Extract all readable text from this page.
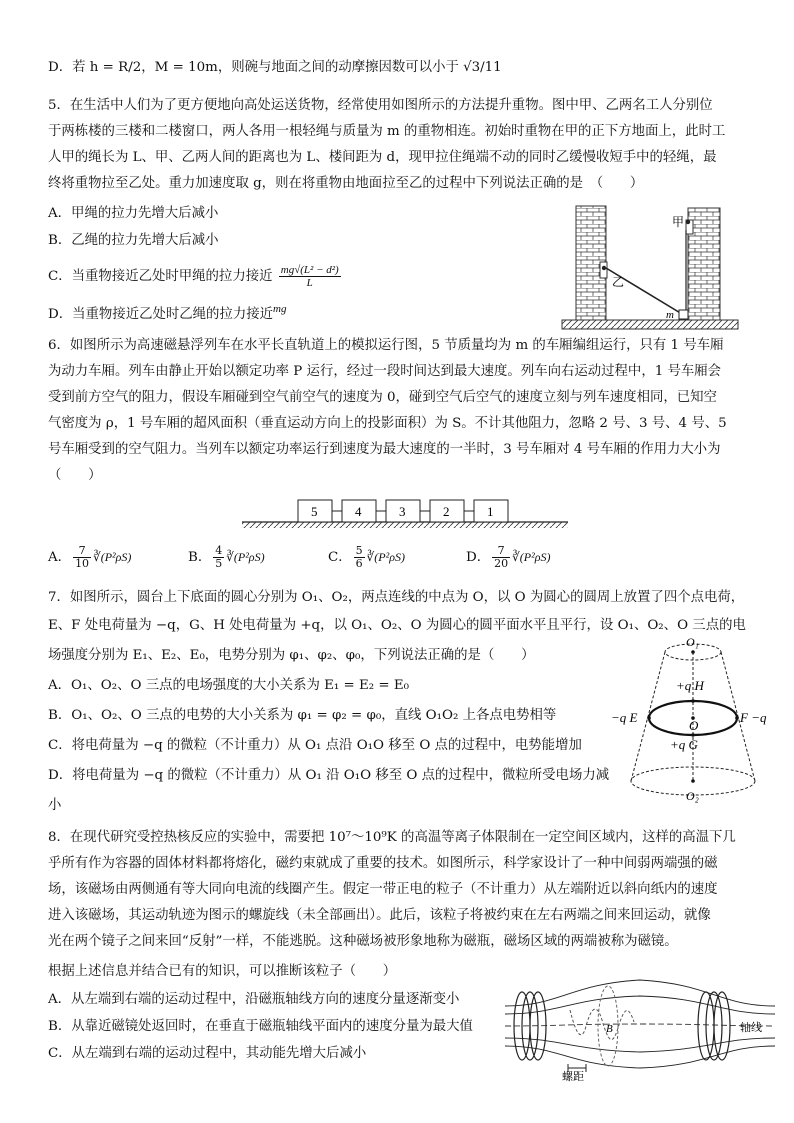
D．若 h = R/2，M = 10m，则碗与地面之间的动摩擦因数可以小于 √3/11
5．在生活中人们为了更方便地向高处运送货物，经常使用如图所示的方法提升重物。图中甲、乙两名工人分别位
于两栋楼的三楼和二楼窗口，两人各用一根轻绳与质量为 m 的重物相连。初始时重物在甲的正下方地面上，此时工
人甲的绳长为 L、甲、乙两人间的距离也为 L、楼间距为 d，现甲拉住绳端不动的同时乙缓慢收短手中的轻绳，最
终将重物拉至乙处。重力加速度取 g，则在将重物由地面拉至乙的过程中下列说法正确的是　（　　）
A．甲绳的拉力先增大后减小
B．乙绳的拉力先增大后减小
C．当重物接近乙处时甲绳的拉力接近 $\frac{\text{mg√(L² − d²)}}{L}$
D．当重物接近乙处时乙绳的拉力接近$^{mg}$
甲
乙
m
6．如图所示为高速磁悬浮列车在水平长直轨道上的模拟运行图，5 节质量均为 m 的车厢编组运行，只有 1 号车厢
为动力车厢。列车由静止开始以额定功率 P 运行，经过一段时间达到最大速度。列车向右运动过程中，1 号车厢会
受到前方空气的阻力，假设车厢碰到空气前空气的速度为 0，碰到空气后空气的速度立刻与列车速度相同，已知空
气密度为 ρ，1 号车厢的超风面积（垂直运动方向上的投影面积）为 S。不计其他阻力，忽略 2 号、3 号、4 号、5
号车厢受到的空气阻力。当列车以额定功率运行到速度为最大速度的一半时，3 号车厢对 4 号车厢的作用力大小为
（　　）
5	4	3	2	1
A． $\frac{7}{10}$ ∛(P²ρS)	B． $\frac{4}{5}$ ∛(P²ρS)	C． $\frac{5}{6}$ ∛(P²ρS)	D． $\frac{7}{20}$ ∛(P²ρS)
7．如图所示，圆台上下底面的圆心分别为 O₁、O₂，两点连线的中点为 O，以 O 为圆心的圆周上放置了四个点电荷，
E、F 处电荷量为 −q，G、H 处电荷量为 +q，以 O₁、O₂、O 为圆心的圆平面水平且平行，设 O₁、O₂、O 三点的电
场强度分别为 E₁、E₂、E₀，电势分别为 φ₁、φ₂、φ₀，下列说法正确的是（　　）
A．O₁、O₂、O 三点的电场强度的大小关系为 E₁ = E₂ = E₀
B．O₁、O₂、O 三点的电势的大小关系为 φ₁ = φ₂ = φ₀，直线 O₁O₂ 上各点电势相等
C．将电荷量为 −q 的微粒（不计重力）从 O₁ 点沿 O₁O 移至 O 点的过程中，电势能增加
D．将电荷量为 −q 的微粒（不计重力）从 O₁ 沿 O₁O 移至 O 点的过程中，微粒所受电场力减
小
O₁
O₂
O
+q H
+q G
−q E	F −q
8．在现代研究受控热核反应的实验中，需要把 10⁷～10⁹K 的高温等离子体限制在一定空间区域内，这样的高温下几
乎所有作为容器的固体材料都将熔化，磁约束就成了重要的技术。如图所示，科学家设计了一种中间弱两端强的磁
场，该磁场由两侧通有等大同向电流的线圈产生。假定一带正电的粒子（不计重力）从左端附近以斜向纸内的速度
进入该磁场，其运动轨迹为图示的螺旋线（未全部画出）。此后，该粒子将被约束在左右两端之间来回运动，就像
光在两个镜子之间来回“反射”一样，不能逃脱。这种磁场被形象地称为磁瓶，磁场区域的两端被称为磁镜。
根据上述信息并结合已有的知识，可以推断该粒子（　　）
A．从左端到右端的运动过程中，沿磁瓶轴线方向的速度分量逐渐变小
B．从靠近磁镜处返回时，在垂直于磁瓶轴线平面内的速度分量为最大值
C．从左端到右端的运动过程中，其动能先增大后减小
B	轴线
螺距
